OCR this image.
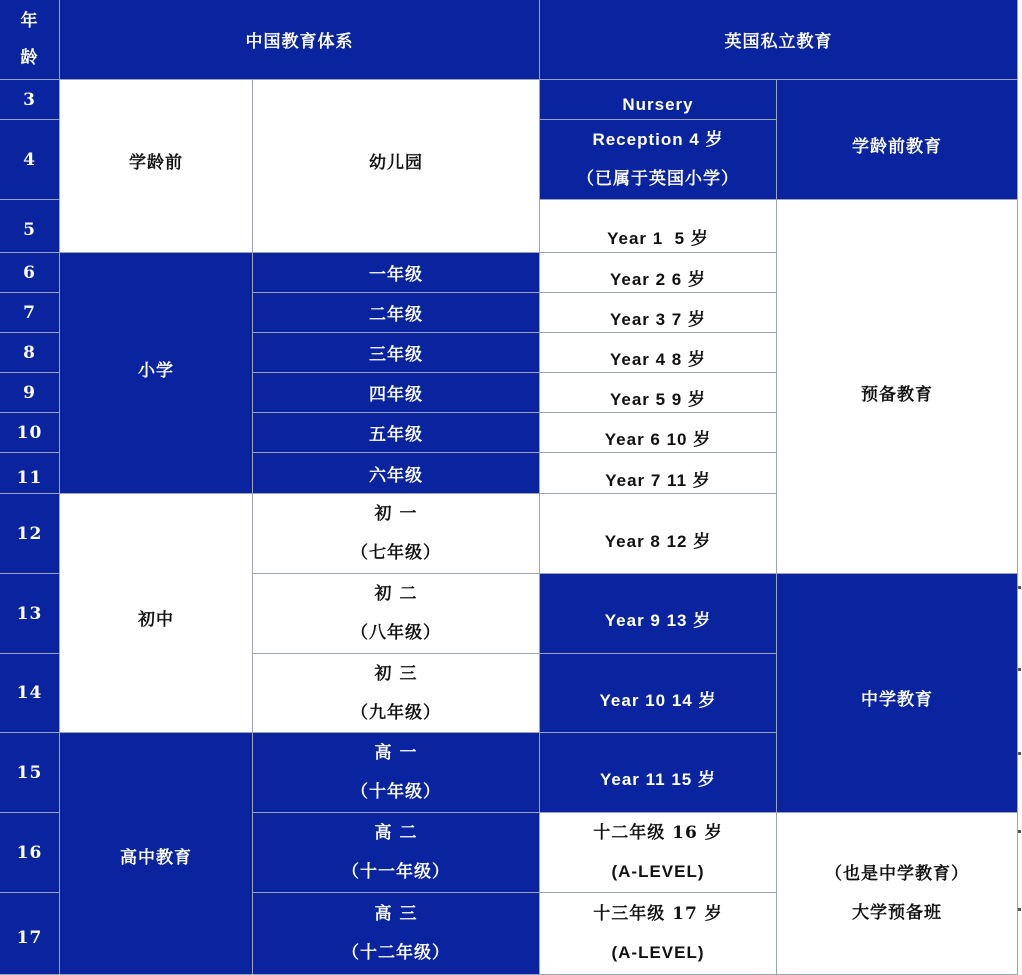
年
龄
中国教育体系	英国私立教育
3
4
5
6
7
8
9
10
11
12
13
14
15
16
17
学龄前
小学
初中
高中教育
幼儿园
一年级
二年级
三年级
四年级
五年级
六年级
初 一
（七年级）
初 二
（八年级）
初 三
（九年级）
高 一
（十年级）
高 二
（十一年级）
高 三
（十二年级）
Nursery
Reception 4 岁
（已属于英国小学）
Year 1  5 岁
Year 2 6 岁
Year 3 7 岁
Year 4 8 岁
Year 5 9 岁
Year 6 10 岁
Year 7 11 岁
Year 8 12 岁
Year 9 13 岁
Year 10 14 岁
Year 11 15 岁
十二年级 16 岁
(A-LEVEL)
十三年级 17 岁
(A-LEVEL)
学龄前教育
预备教育
中学教育
（也是中学教育）
大学预备班
